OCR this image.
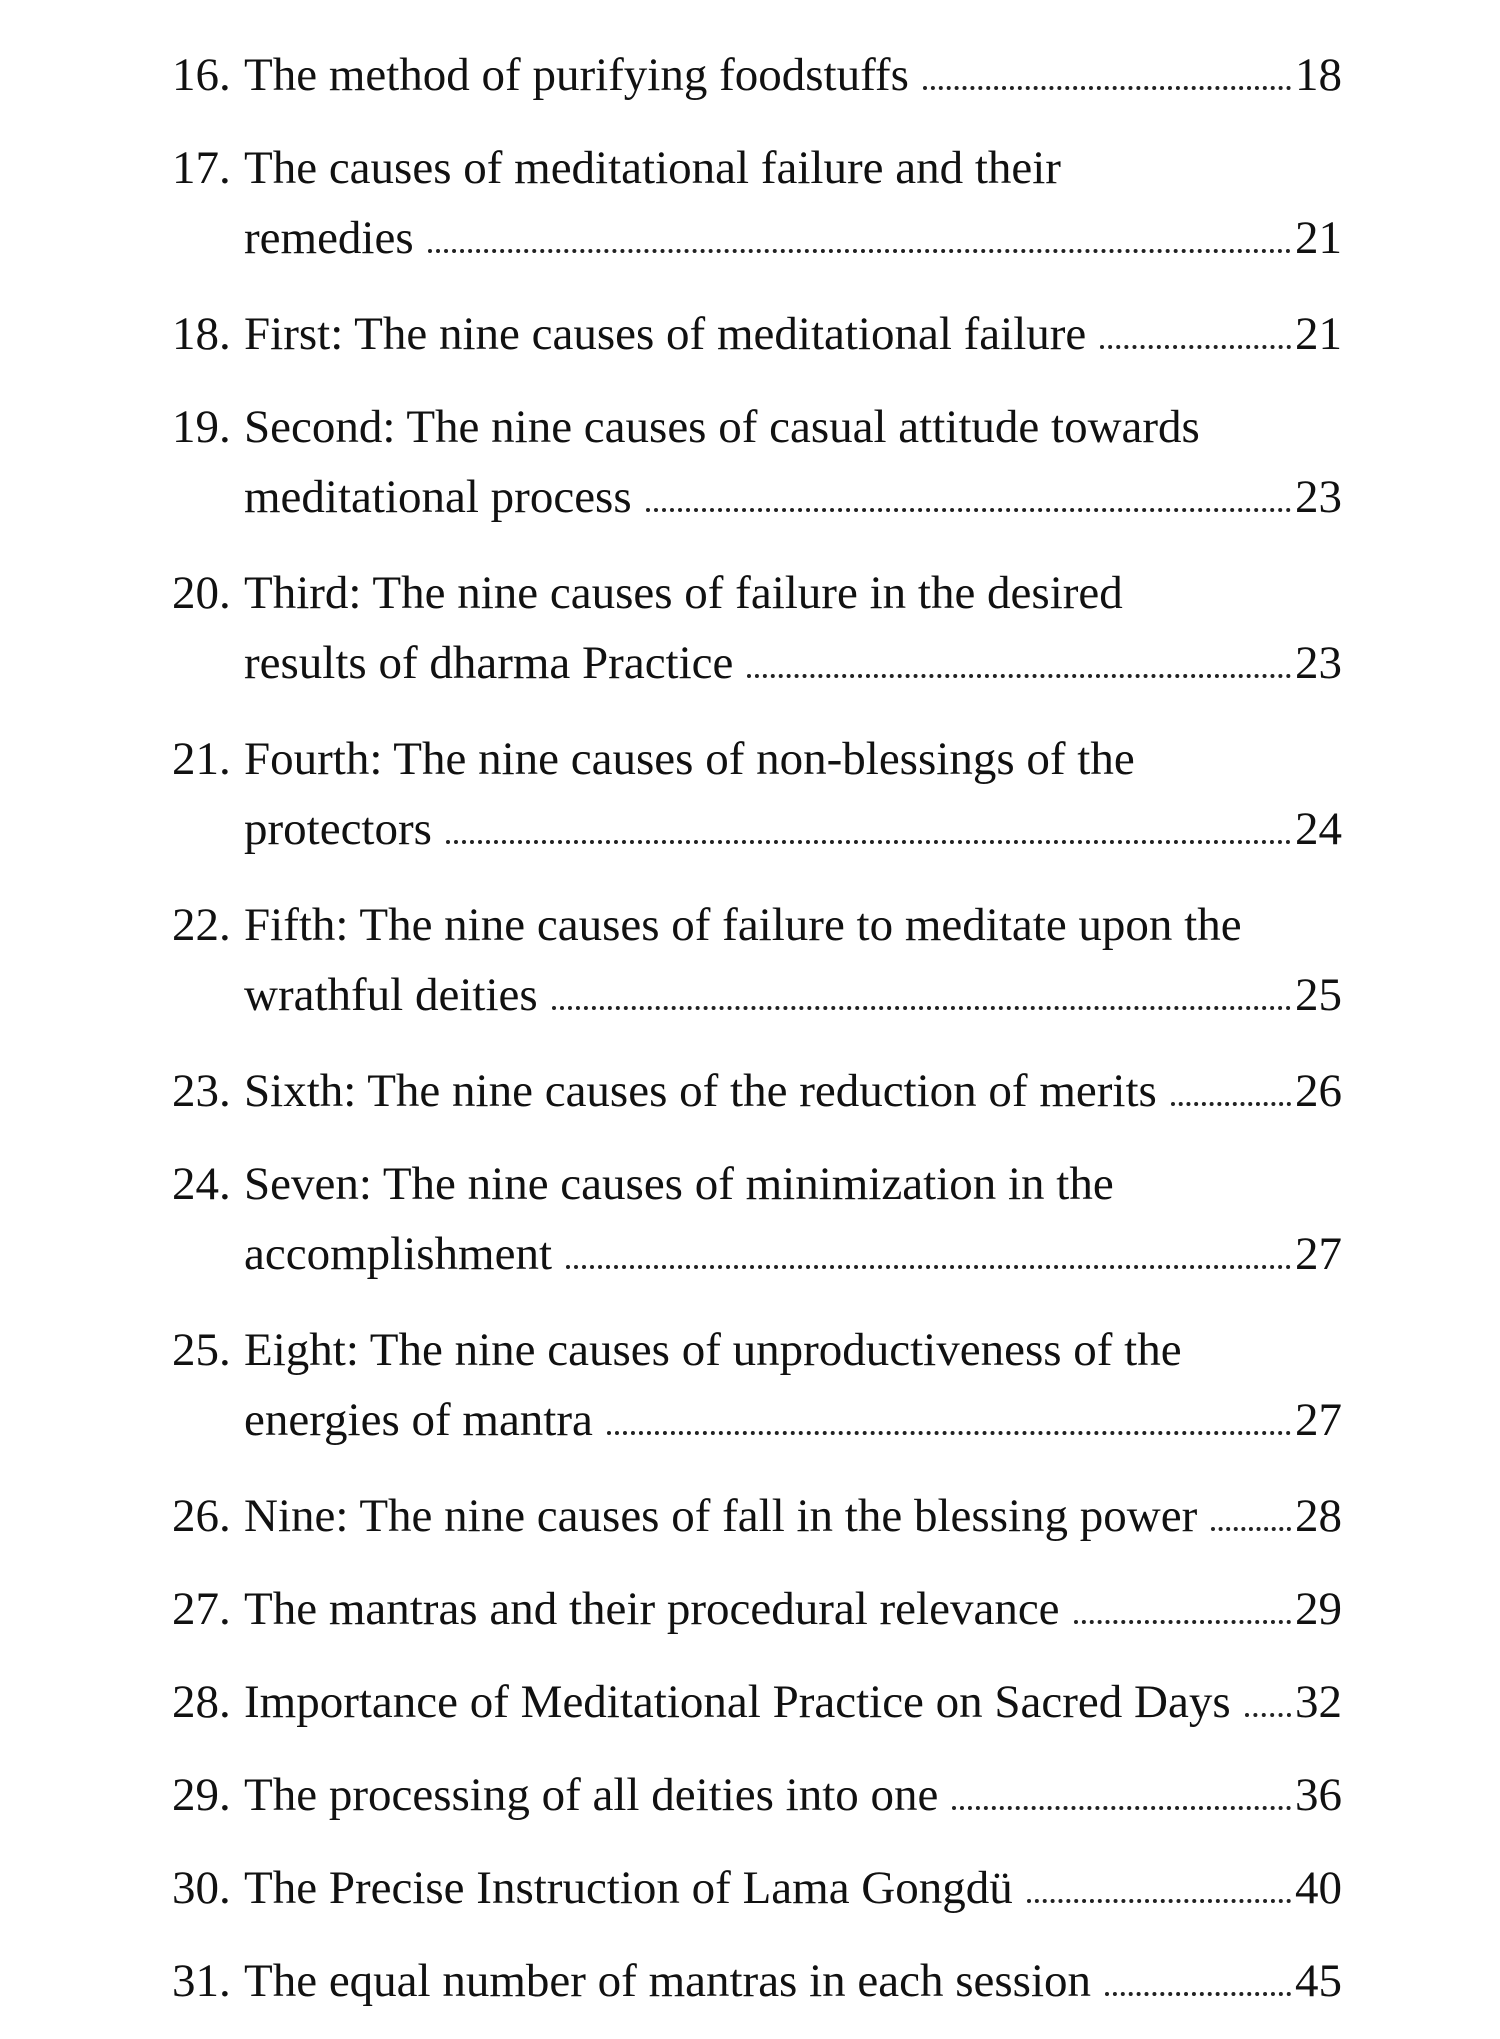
16. The method of purifying foodstuffs	18
17. The causes of meditational failure and their
remedies	21
18. First: The nine causes of meditational failure	21
19. Second: The nine causes of casual attitude towards
meditational process	23
20. Third: The nine causes of failure in the desired
results of dharma Practice	23
21. Fourth: The nine causes of non-blessings of the
protectors	24
22. Fifth: The nine causes of failure to meditate upon the
wrathful deities	25
23. Sixth: The nine causes of the reduction of merits	26
24. Seven: The nine causes of minimization in the
accomplishment	27
25. Eight: The nine causes of unproductiveness of the
energies of mantra	27
26. Nine: The nine causes of fall in the blessing power 28
27. The mantras and their procedural relevance	29
28. Importance of Meditational Practice on Sacred Days 32
29. The processing of all deities into one	36
30. The Precise Instruction of Lama Gongdü	40
31. The equal number of mantras in each session	45
